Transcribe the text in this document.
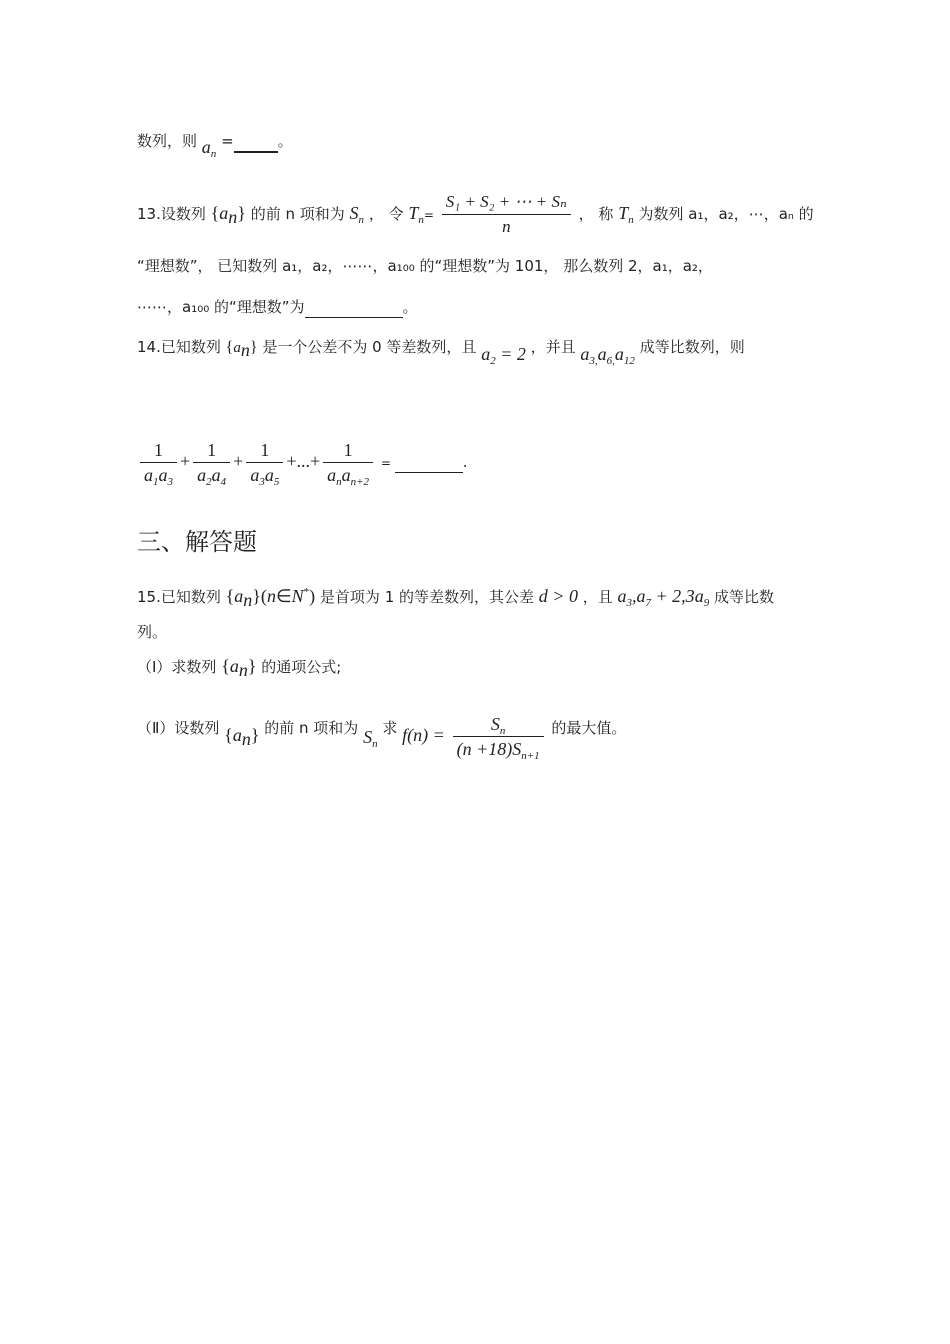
数列，则 $a_n$ =	。
13.设数列 $\{a_n\}$ 的前 n 项和为 $S_n$ ， 令 $T_n= \frac{\text{S₁ + S₂ + ⋯ + Sₙ}}{n}$ ， 称 $T_n$ 为数列 a₁，a₂，⋯，aₙ 的
“理想数”， 已知数列 a₁，a₂，⋯⋯，a₁₀₀ 的“理想数”为 101， 那么数列 2，a₁，a₂，
⋯⋯，a₁₀₀ 的“理想数”为	。
14.已知数列 $\{a_n\}$ 是一个公差不为 0 等差数列，且 $a_2 = 2$ ，并且 $a_{3,}a_{6,}a_{12}$ 成等比数列，则
$\frac{1}{a_1a_3} + \frac{1}{a_2a_4} + \frac{1}{a_3a_5}$ +...+ $\frac{1}{a_na_{n+2}}$ =	.
三、解答题
15.已知数列 $\{a_n\}(n\in N^*)$ 是首项为 1 的等差数列，其公差 d > 0 ，且 $a_3,a_7 + 2,3a_9$ 成等比数
列。
（Ⅰ）求数列 $\{a_n\}$ 的通项公式;
（Ⅱ）设数列 $\{a_n\}$ 的前 n 项和为 $S_n$ 求 $f(n) = \frac{S_n}{(n +18)S_{n+1}}$ 的最大值。
